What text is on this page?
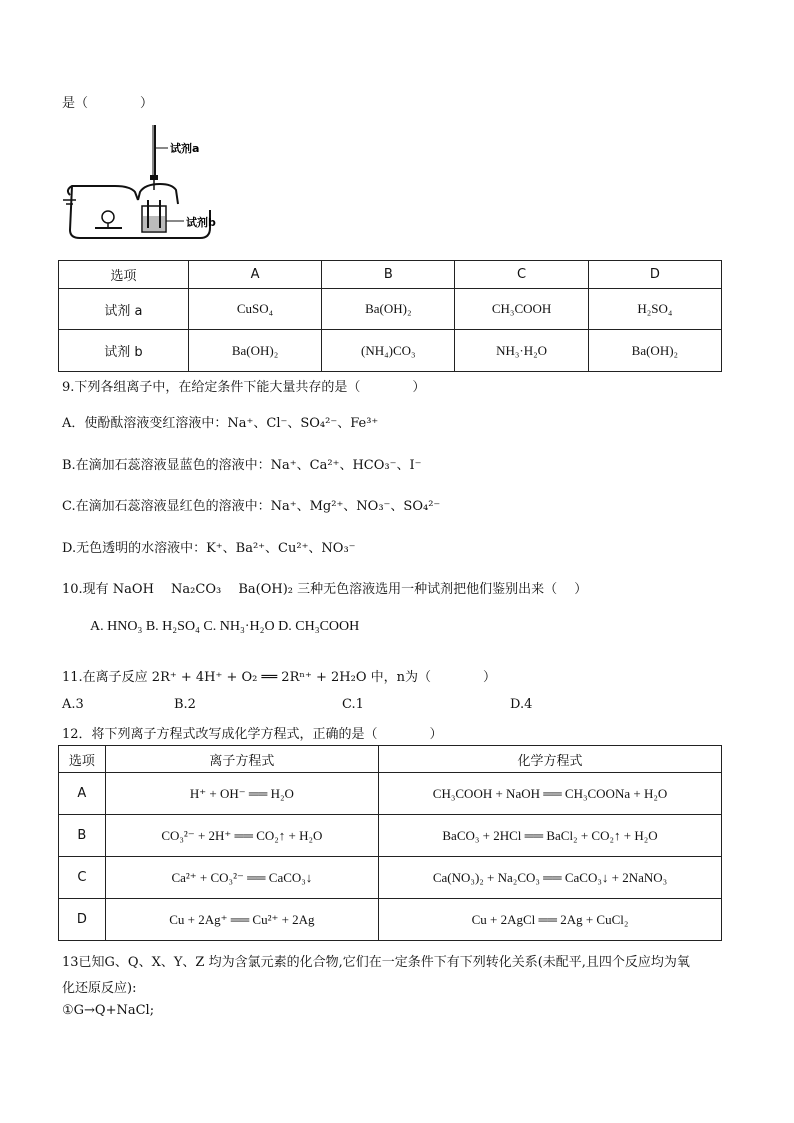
是（　　　　）
试剂a
试剂b
选项	A	B	C	D
试剂 a	CuSO₄	Ba(OH)₂	CH₃COOH	H₂SO₄
试剂 b	Ba(OH)₂	(NH₄)CO₃	NH₃·H₂O	Ba(OH)₂
9.下列各组离子中，在给定条件下能大量共存的是（　　　　）
A．使酚酞溶液变红溶液中：Na⁺、Cl⁻、SO₄²⁻、Fe³⁺
B.在滴加石蕊溶液显蓝色的溶液中：Na⁺、Ca²⁺、HCO₃⁻、I⁻
C.在滴加石蕊溶液显红色的溶液中：Na⁺、Mg²⁺、NO₃⁻、SO₄²⁻
D.无色透明的水溶液中：K⁺、Ba²⁺、Cu²⁺、NO₃⁻
10.现有 NaOH　 Na₂CO₃　 Ba(OH)₂ 三种无色溶液选用一种试剂把他们鉴别出来（　 ）
A. HNO₃ B. H₂SO₄ C. NH₃·H₂O D. CH₃COOH
11.在离子反应 2R⁺ + 4H⁺ + O₂ ══ 2Rⁿ⁺ + 2H₂O 中，n为（　　　　）
A.3	B.2	C.1	D.4
12．将下列离子方程式改写成化学方程式，正确的是（　　　　）
选项	离子方程式	化学方程式
A	H⁺ + OH⁻ ══ H₂O	CH₃COOH + NaOH ══ CH₃COONa + H₂O
B	CO₃²⁻ + 2H⁺ ══ CO₂↑ + H₂O	BaCO₃ + 2HCl ══ BaCl₂ + CO₂↑ + H₂O
C	Ca²⁺ + CO₃²⁻ ══ CaCO₃↓	Ca(NO₃)₂ + Na₂CO₃ ══ CaCO₃↓ + 2NaNO₃
D	Cu + 2Ag⁺ ══ Cu²⁺ + 2Ag	Cu + 2AgCl ══ 2Ag + CuCl₂
13已知G、Q、X、Y、Z 均为含氯元素的化合物,它们在一定条件下有下列转化关系(未配平,且四个反应均为氧
化还原反应):
①G→Q+NaCl;
